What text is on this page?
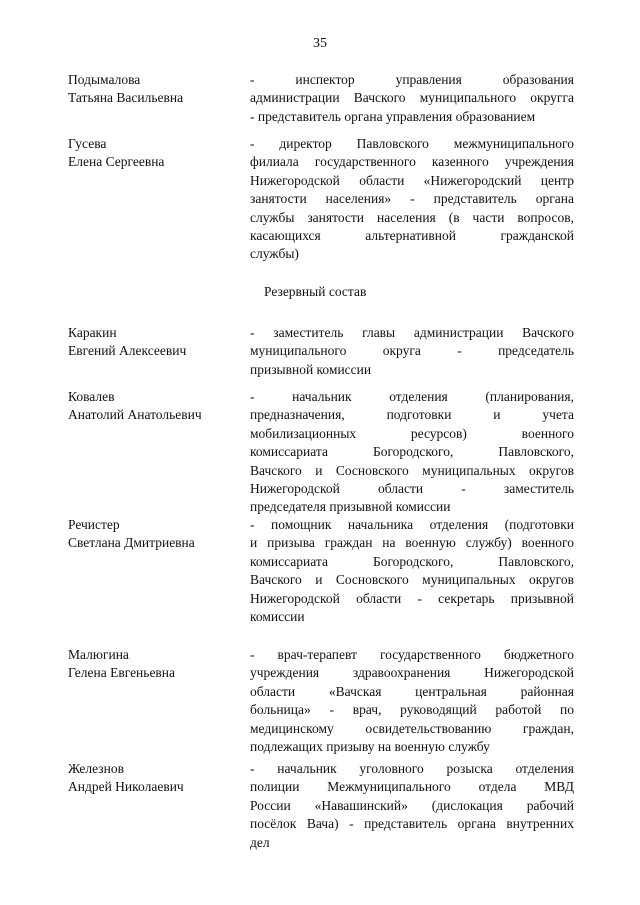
35
Подымалова
Татьяна Васильевна
- инспектор управления образования
администрации Вачского муниципального округга
- представитель органа управления образованием
Гусева
Елена Сергеевна
- директор Павловского межмуниципального
филиала государственного казенного учреждения
Нижегородской области «Нижегородский центр
занятости населения» - представитель органа
службы занятости населения (в части вопросов,
касающихся альтернативной гражданской
службы)
Резервный состав
Каракин
Евгений Алексеевич
- заместитель главы администрации Вачского
муниципального округа - председатель
призывной комиссии
Ковалев
Анатолий Анатольевич
- начальник отделения (планирования,
предназначения, подготовки и учета
мобилизационных ресурсов) военного
комиссариата Богородского, Павловского,
Вачского и Сосновского муниципальных округов
Нижегородской области - заместитель
председателя призывной комиссии
Речистер
Светлана Дмитриевна
- помощник начальника отделения (подготовки
и призыва граждан на военную службу) военного
комиссариата Богородского, Павловского,
Вачского и Сосновского муниципальных округов
Нижегородской области - секретарь призывной
комиссии
Малюгина
Гелена Евгеньевна
- врач-терапевт государственного бюджетного
учреждения здравоохранения Нижегородской
области «Вачская центральная районная
больница» - врач, руководящий работой по
медицинскому освидетельствованию граждан,
подлежащих призыву на военную службу
Железнов
Андрей Николаевич
- начальник уголовного розыска отделения
полиции Межмуниципального отдела МВД
России «Навашинский» (дислокация рабочий
посёлок Вача) - представитель органа внутренних
дел
